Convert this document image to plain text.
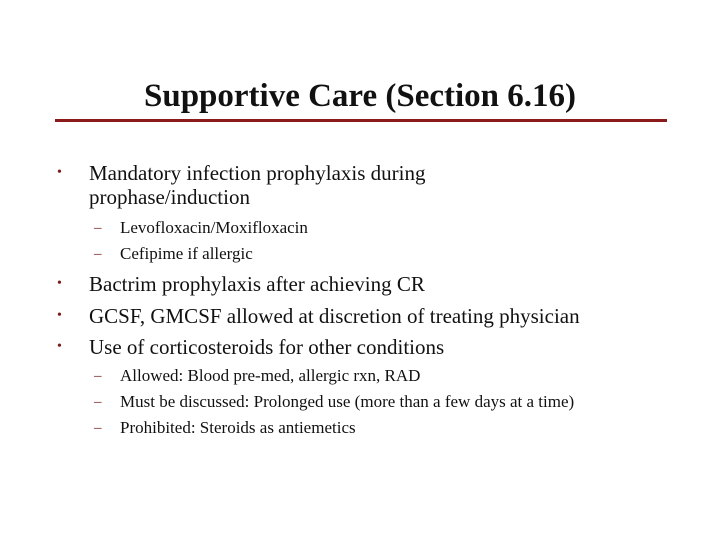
Supportive Care (Section 6.16)
• Mandatory infection prophylaxis during prophase/induction
– Levofloxacin/Moxifloxacin
– Cefipime if allergic
• Bactrim prophylaxis after achieving CR
• GCSF, GMCSF allowed at discretion of treating physician
• Use of corticosteroids for other conditions
– Allowed: Blood pre-med, allergic rxn, RAD
– Must be discussed: Prolonged use (more than a few days at a time)
– Prohibited: Steroids as antiemetics
